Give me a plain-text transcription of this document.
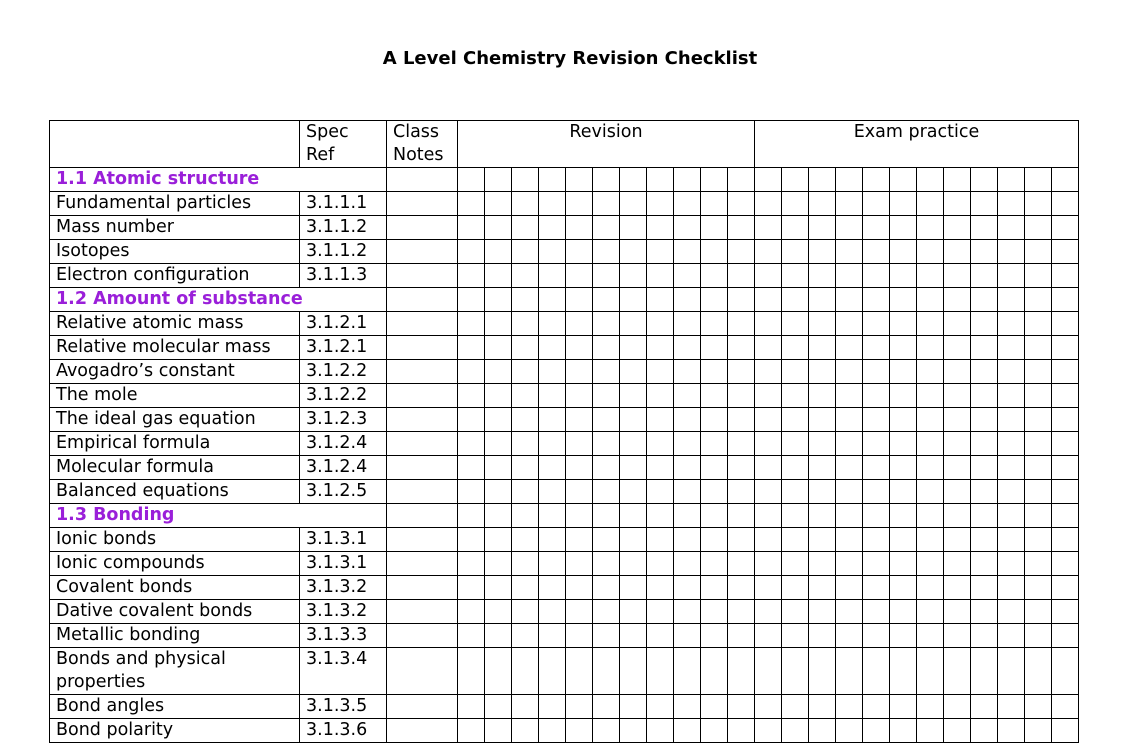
A Level Chemistry Revision Checklist
	Spec Ref	Class Notes	Revision											Exam practice											
1.1 Atomic structure																									
Fundamental particles	3.1.1.1																								
Mass number	3.1.1.2																								
Isotopes	3.1.1.2																								
Electron configuration	3.1.1.3																								
1.2 Amount of substance																									
Relative atomic mass	3.1.2.1																								
Relative molecular mass	3.1.2.1																								
Avogadro’s constant	3.1.2.2																								
The mole	3.1.2.2																								
The ideal gas equation	3.1.2.3																								
Empirical formula	3.1.2.4																								
Molecular formula	3.1.2.4																								
Balanced equations	3.1.2.5																								
1.3 Bonding																									
Ionic bonds	3.1.3.1																								
Ionic compounds	3.1.3.1																								
Covalent bonds	3.1.3.2																								
Dative covalent bonds	3.1.3.2																								
Metallic bonding	3.1.3.3																								
Bonds and physical properties	3.1.3.4																								
Bond angles	3.1.3.5																								
Bond polarity	3.1.3.6																								
